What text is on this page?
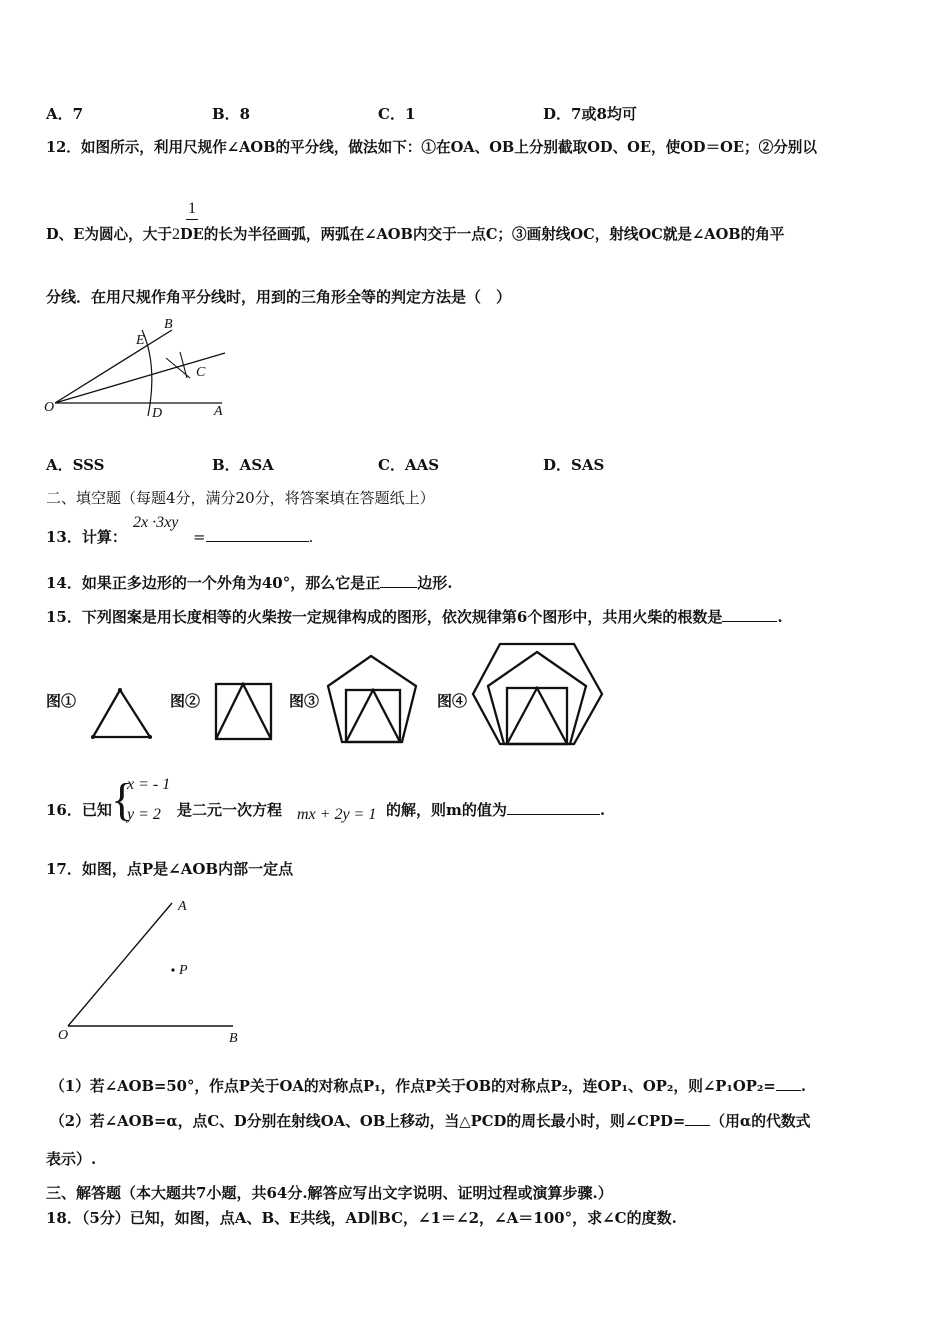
A．7	B．8	C．1	D．7或8均可
12．如图所示，利用尺规作∠AOB的平分线，做法如下：①在OA、OB上分别截取OD、OE，使OD＝OE；②分别以
1
D、E为圆心，大于2DE的长为半径画弧，两弧在∠AOB内交于一点C；③画射线OC，射线OC就是∠AOB的角平
分线．在用尺规作角平分线时，用到的三角形全等的判定方法是（　）
O	D	A
E
B
C
A．SSS	B．ASA	C．AAS	D．SAS
二、填空题（每题4分，满分20分，将答案填在答题纸上）
13．计算：
2x ·3xy
=	.
14．如果正多边形的一个外角为40°，那么它是正 边形.
15．下列图案是用长度相等的火柴按一定规律构成的图形，依次规律第6个图形中，共用火柴的根数是	.
图①	图②	图③	图④
16．已知 {
x = - 1
y = 2 是二元一次方程 mx + 2y = 1 的解，则m的值为	.
17．如图，点P是∠AOB内部一定点
A
P
O	B
（1）若∠AOB=50°，作点P关于OA的对称点P₁，作点P关于OB的对称点P₂，连OP₁、OP₂，则∠P₁OP₂= .
（2）若∠AOB=α，点C、D分别在射线OA、OB上移动，当△PCD的周长最小时，则∠CPD= （用α的代数式
表示）.
三、解答题（本大题共7小题，共64分.解答应写出文字说明、证明过程或演算步骤.）
18．（5分）已知，如图，点A、B、E共线，AD∥BC，∠1＝∠2，∠A＝100°，求∠C的度数.
